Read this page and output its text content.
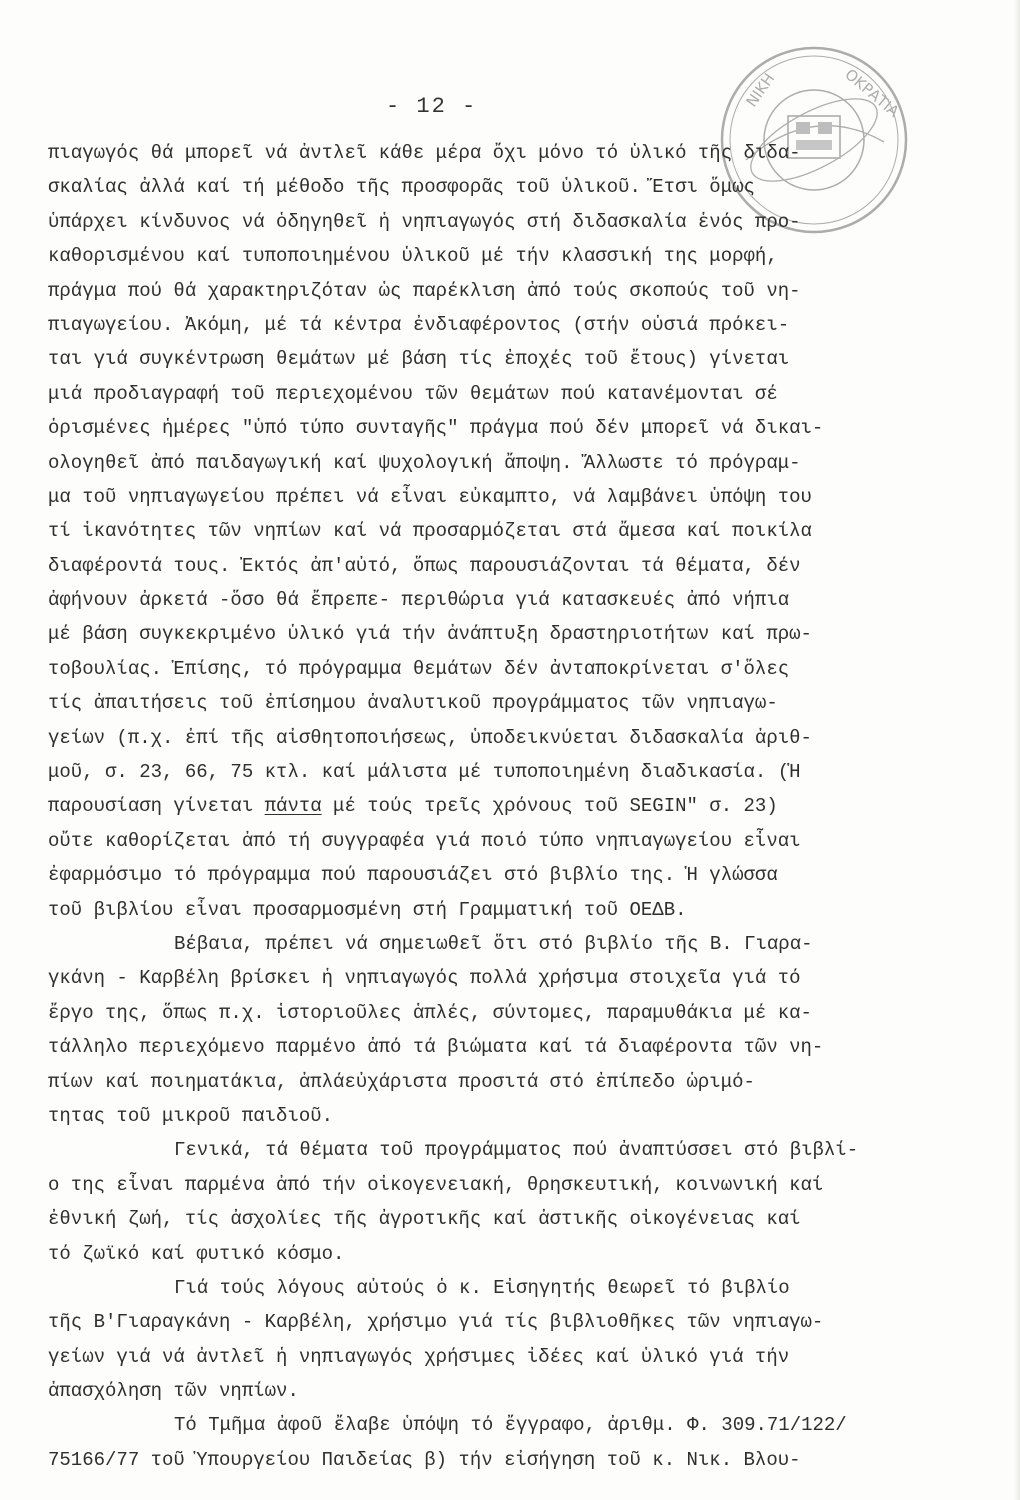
ΝΙΚΗ	ΟΚΡΑΤΙΑ
- 12 -
πιαγωγός θά μπορεῖ νά ἀντλεῖ κάθε μέρα ὄχι μόνο τό ὑλικό τῆς διδα-
σκαλίας ἀλλά καί τή μέθοδο τῆς προσφορᾶς τοῦ ὑλικοῦ. Ἔτσι ὅμως
ὑπάρχει κίνδυνος νά ὁδηγηθεῖ ἡ νηπιαγωγός στή διδασκαλία ἑνός προ-
καθορισμένου καί τυποποιημένου ὑλικοῦ μέ τήν κλασσική της μορφή,
πράγμα πού θά χαρακτηριζόταν ὡς παρέκλιση ἀπό τούς σκοπούς τοῦ νη-
πιαγωγείου. Ἀκόμη, μέ τά κέντρα ἐνδιαφέροντος (στήν οὐσιά πρόκει-
ται γιά συγκέντρωση θεμάτων μέ βάση τίς ἐποχές τοῦ ἔτους) γίνεται
μιά προδιαγραφή τοῦ περιεχομένου τῶν θεμάτων πού κατανέμονται σέ
ὁρισμένες ἡμέρες "ὑπό τύπο συνταγῆς" πράγμα πού δέν μπορεῖ νά δικαι-
ολογηθεῖ ἀπό παιδαγωγική καί ψυχολογική ἄποψη. Ἄλλωστε τό πρόγραμ-
μα τοῦ νηπιαγωγείου πρέπει νά εἶναι εὐκαμπτο, νά λαμβάνει ὑπόψη του
τί ἱκανότητες τῶν νηπίων καί νά προσαρμόζεται στά ἄμεσα καί ποικίλα
διαφέροντά τους. Ἐκτός ἀπ'αὐτό, ὅπως παρουσιάζονται τά θέματα, δέν
ἀφήνουν ἀρκετά -ὅσο θά ἔπρεπε- περιθώρια γιά κατασκευές ἀπό νήπια
μέ βάση συγκεκριμένο ὑλικό γιά τήν ἀνάπτυξη δραστηριοτήτων καί πρω-
τοβουλίας. Ἐπίσης, τό πρόγραμμα θεμάτων δέν ἀνταποκρίνεται σ'ὅλες
τίς ἀπαιτήσεις τοῦ ἐπίσημου ἀναλυτικοῦ προγράμματος τῶν νηπιαγω-
γείων (π.χ. ἐπί τῆς αἰσθητοποιήσεως, ὑποδεικνύεται διδασκαλία ἀριθ-
μοῦ, σ. 23, 66, 75 κτλ. καί μάλιστα μέ τυποποιημένη διαδικασία. (Ἡ
παρουσίαση γίνεται πάντα μέ τούς τρεῖς χρόνους τοῦ SEGIN" σ. 23)
οὔτε καθορίζεται ἀπό τή συγγραφέα γιά ποιό τύπο νηπιαγωγείου εἶναι
ἐφαρμόσιμο τό πρόγραμμα πού παρουσιάζει στό βιβλίο της. Ἡ γλώσσα
τοῦ βιβλίου εἶναι προσαρμοσμένη στή Γραμματική τοῦ ΟΕΔΒ.
Βέβαια, πρέπει νά σημειωθεῖ ὅτι στό βιβλίο τῆς Β. Γιαρα-
γκάνη - Καρβέλη βρίσκει ἡ νηπιαγωγός πολλά χρήσιμα στοιχεῖα γιά τό
ἔργο της, ὅπως π.χ. ἱστοριοῦλες ἁπλές, σύντομες, παραμυθάκια μέ κα-
τάλληλο περιεχόμενο παρμένο ἀπό τά βιώματα καί τά διαφέροντα τῶν νη-
πίων καί ποιηματάκια, ἀπλάεὐχάριστα προσιτά στό ἐπίπεδο ὡριμό-
τητας τοῦ μικροῦ παιδιοῦ.
Γενικά, τά θέματα τοῦ προγράμματος πού ἀναπτύσσει στό βιβλί-
ο της εἶναι παρμένα ἀπό τήν οἰκογενειακή, θρησκευτική, κοινωνική καί
ἐθνική ζωή, τίς ἀσχολίες τῆς ἀγροτικῆς καί ἀστικῆς οἰκογένειας καί
τό ζωϊκό καί φυτικό κόσμο.
Γιά τούς λόγους αὐτούς ὁ κ. Εἰσηγητής θεωρεῖ τό βιβλίο
τῆς Β'Γιαραγκάνη - Καρβέλη, χρήσιμο γιά τίς βιβλιοθῆκες τῶν νηπιαγω-
γείων γιά νά ἀντλεῖ ἡ νηπιαγωγός χρήσιμες ἰδέες καί ὑλικό γιά τήν
ἀπασχόληση τῶν νηπίων.
Τό Τμῆμα ἀφοῦ ἔλαβε ὑπόψη τό ἔγγραφο, ἀριθμ. Φ. 309.71/122/
75166/77 τοῦ Ὑπουργείου Παιδείας β) τήν εἰσήγηση τοῦ κ. Νικ. Βλου-
